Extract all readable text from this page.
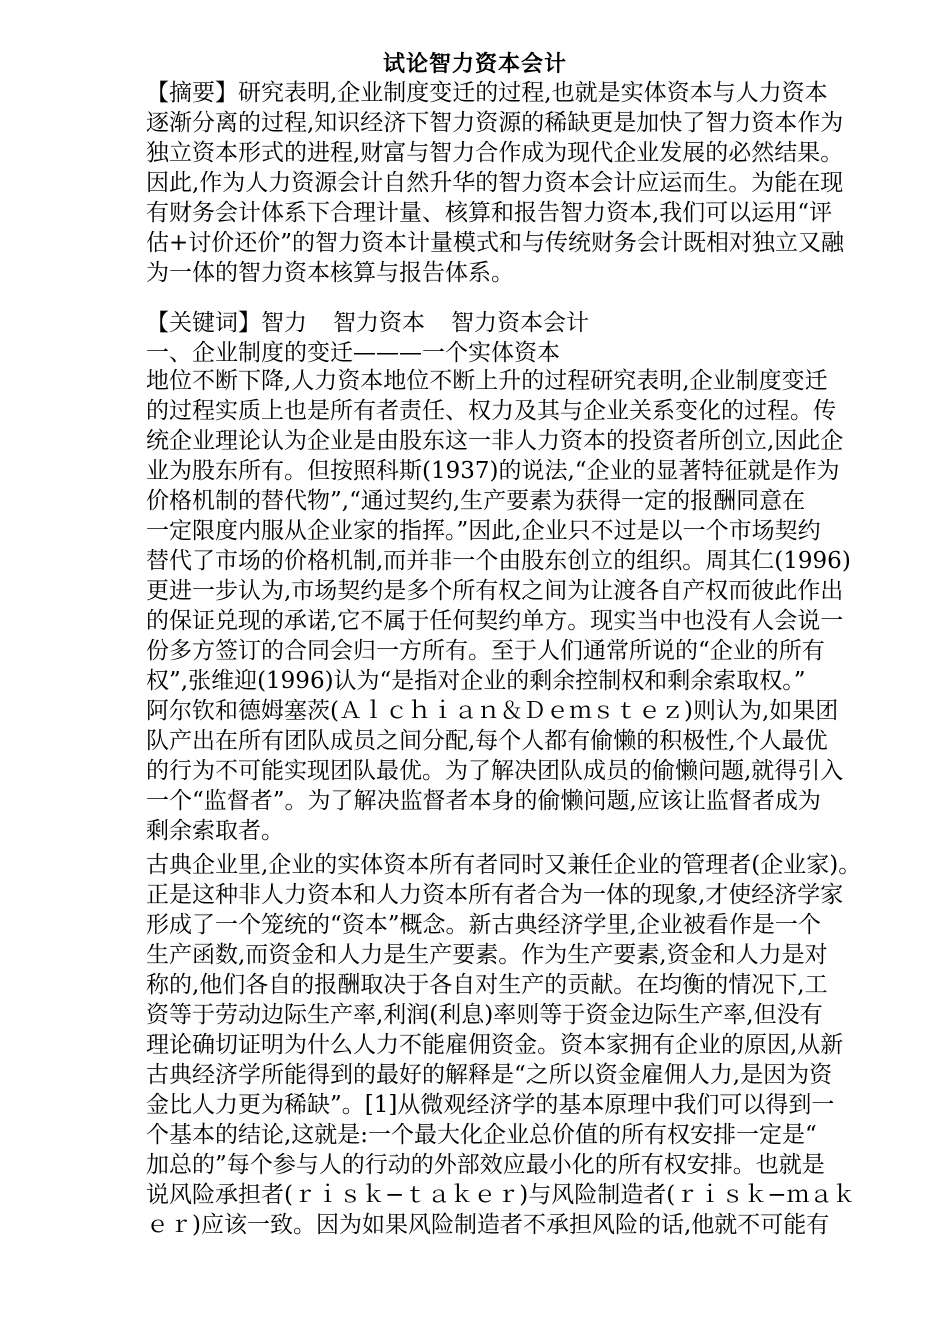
试论智力资本会计
【摘要】研究表明,企业制度变迁的过程,也就是实体资本与人力资本
逐渐分离的过程,知识经济下智力资源的稀缺更是加快了智力资本作为
独立资本形式的进程,财富与智力合作成为现代企业发展的必然结果。
因此,作为人力资源会计自然升华的智力资本会计应运而生。为能在现
有财务会计体系下合理计量、核算和报告智力资本,我们可以运用“评
估+讨价还价”的智力资本计量模式和与传统财务会计既相对独立又融
为一体的智力资本核算与报告体系。
【关键词】智力 智力资本 智力资本会计
一、企业制度的变迁———一个实体资本
地位不断下降,人力资本地位不断上升的过程研究表明,企业制度变迁
的过程实质上也是所有者责任、权力及其与企业关系变化的过程。传
统企业理论认为企业是由股东这一非人力资本的投资者所创立,因此企
业为股东所有。但按照科斯(1937)的说法,“企业的显著特征就是作为
价格机制的替代物”,“通过契约,生产要素为获得一定的报酬同意在
一定限度内服从企业家的指挥。”因此,企业只不过是以一个市场契约
替代了市场的价格机制,而并非一个由股东创立的组织。周其仁(1996)
更进一步认为,市场契约是多个所有权之间为让渡各自产权而彼此作出
的保证兑现的承诺,它不属于任何契约单方。现实当中也没有人会说一
份多方签订的合同会归一方所有。至于人们通常所说的“企业的所有
权”,张维迎(1996)认为“是指对企业的剩余控制权和剩余索取权。”
阿尔钦和德姆塞茨(Ａｌｃｈｉａｎ＆Ｄｅｍｓｔｅｚ)则认为,如果团
队产出在所有团队成员之间分配,每个人都有偷懒的积极性,个人最优
的行为不可能实现团队最优。为了解决团队成员的偷懒问题,就得引入
一个“监督者”。为了解决监督者本身的偷懒问题,应该让监督者成为
剩余索取者。
古典企业里,企业的实体资本所有者同时又兼任企业的管理者(企业家)。
正是这种非人力资本和人力资本所有者合为一体的现象,才使经济学家
形成了一个笼统的“资本”概念。新古典经济学里,企业被看作是一个
生产函数,而资金和人力是生产要素。作为生产要素,资金和人力是对
称的,他们各自的报酬取决于各自对生产的贡献。在均衡的情况下,工
资等于劳动边际生产率,利润(利息)率则等于资金边际生产率,但没有
理论确切证明为什么人力不能雇佣资金。资本家拥有企业的原因,从新
古典经济学所能得到的最好的解释是“之所以资金雇佣人力,是因为资
金比人力更为稀缺”。[1]从微观经济学的基本原理中我们可以得到一
个基本的结论,这就是:一个最大化企业总价值的所有权安排一定是“
加总的”每个参与人的行动的外部效应最小化的所有权安排。也就是
说风险承担者(ｒｉｓｋ−ｔａｋｅｒ)与风险制造者(ｒｉｓｋ−ｍａｋ
ｅｒ)应该一致。因为如果风险制造者不承担风险的话,他就不可能有
